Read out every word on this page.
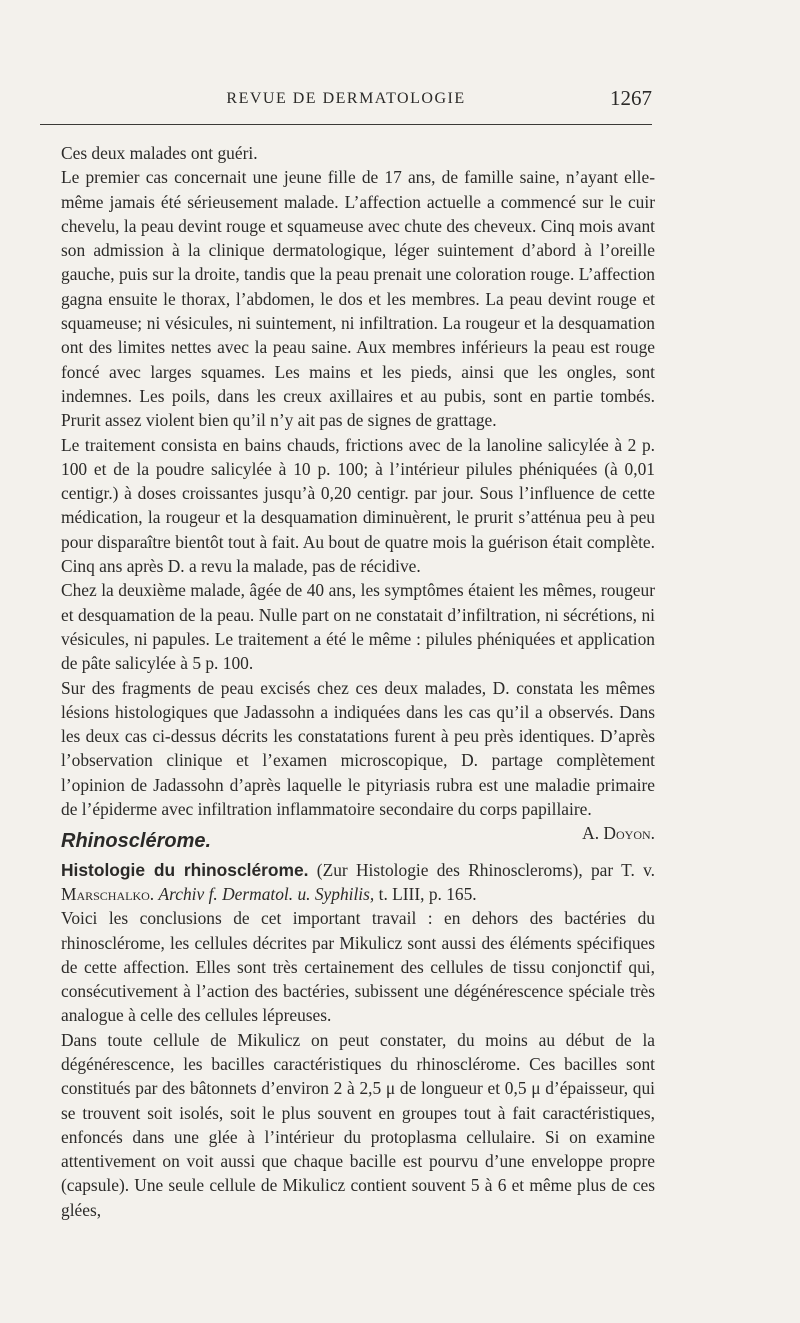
REVUE DE DERMATOLOGIE	1267

Ces deux malades ont guéri.

Le premier cas concernait une jeune fille de 17 ans, de famille saine, n’ayant elle-même jamais été sérieusement malade. L’affection actuelle a commencé sur le cuir chevelu, la peau devint rouge et squameuse avec chute des cheveux. Cinq mois avant son admission à la clinique dermatologique, léger suintement d’abord à l’oreille gauche, puis sur la droite, tandis que la peau prenait une coloration rouge. L’affection gagna ensuite le thorax, l’abdomen, le dos et les membres. La peau devint rouge et squameuse; ni vésicules, ni suintement, ni infiltration. La rougeur et la desquamation ont des limites nettes avec la peau saine. Aux membres inférieurs la peau est rouge foncé avec larges squames. Les mains et les pieds, ainsi que les ongles, sont indemnes. Les poils, dans les creux axillaires et au pubis, sont en partie tombés. Prurit assez violent bien qu’il n’y ait pas de signes de grattage.

Le traitement consista en bains chauds, frictions avec de la lanoline salicylée à 2 p. 100 et de la poudre salicylée à 10 p. 100; à l’intérieur pilules phéniquées (à 0,01 centigr.) à doses croissantes jusqu’à 0,20 centigr. par jour. Sous l’influence de cette médication, la rougeur et la desquamation diminuèrent, le prurit s’atténua peu à peu pour disparaître bientôt tout à fait. Au bout de quatre mois la guérison était complète. Cinq ans après D. a revu la malade, pas de récidive.

Chez la deuxième malade, âgée de 40 ans, les symptômes étaient les mêmes, rougeur et desquamation de la peau. Nulle part on ne constatait d’infiltration, ni sécrétions, ni vésicules, ni papules. Le traitement a été le même : pilules phéniquées et application de pâte salicylée à 5 p. 100.

Sur des fragments de peau excisés chez ces deux malades, D. constata les mêmes lésions histologiques que Jadassohn a indiquées dans les cas qu’il a observés. Dans les deux cas ci-dessus décrits les constatations furent à peu près identiques. D’après l’observation clinique et l’examen microscopique, D. partage complètement l’opinion de Jadassohn d’après laquelle le pityriasis rubra est une maladie primaire de l’épiderme avec infiltration inflammatoire secondaire du corps papillaire.
A. Doyon.

Rhinosclérome.

Histologie du rhinosclérome. (Zur Histologie des Rhinoscleroms), par T. v. Marschalko. Archiv f. Dermatol. u. Syphilis, t. LIII, p. 165.

Voici les conclusions de cet important travail : en dehors des bactéries du rhinosclérome, les cellules décrites par Mikulicz sont aussi des éléments spécifiques de cette affection. Elles sont très certainement des cellules de tissu conjonctif qui, consécutivement à l’action des bactéries, subissent une dégénérescence spéciale très analogue à celle des cellules lépreuses.

Dans toute cellule de Mikulicz on peut constater, du moins au début de la dégénérescence, les bacilles caractéristiques du rhinosclérome. Ces bacilles sont constitués par des bâtonnets d’environ 2 à 2,5 μ de longueur et 0,5 μ d’épaisseur, qui se trouvent soit isolés, soit le plus souvent en groupes tout à fait caractéristiques, enfoncés dans une glée à l’intérieur du protoplasma cellulaire. Si on examine attentivement on voit aussi que chaque bacille est pourvu d’une enveloppe propre (capsule). Une seule cellule de Mikulicz contient souvent 5 à 6 et même plus de ces glées,
